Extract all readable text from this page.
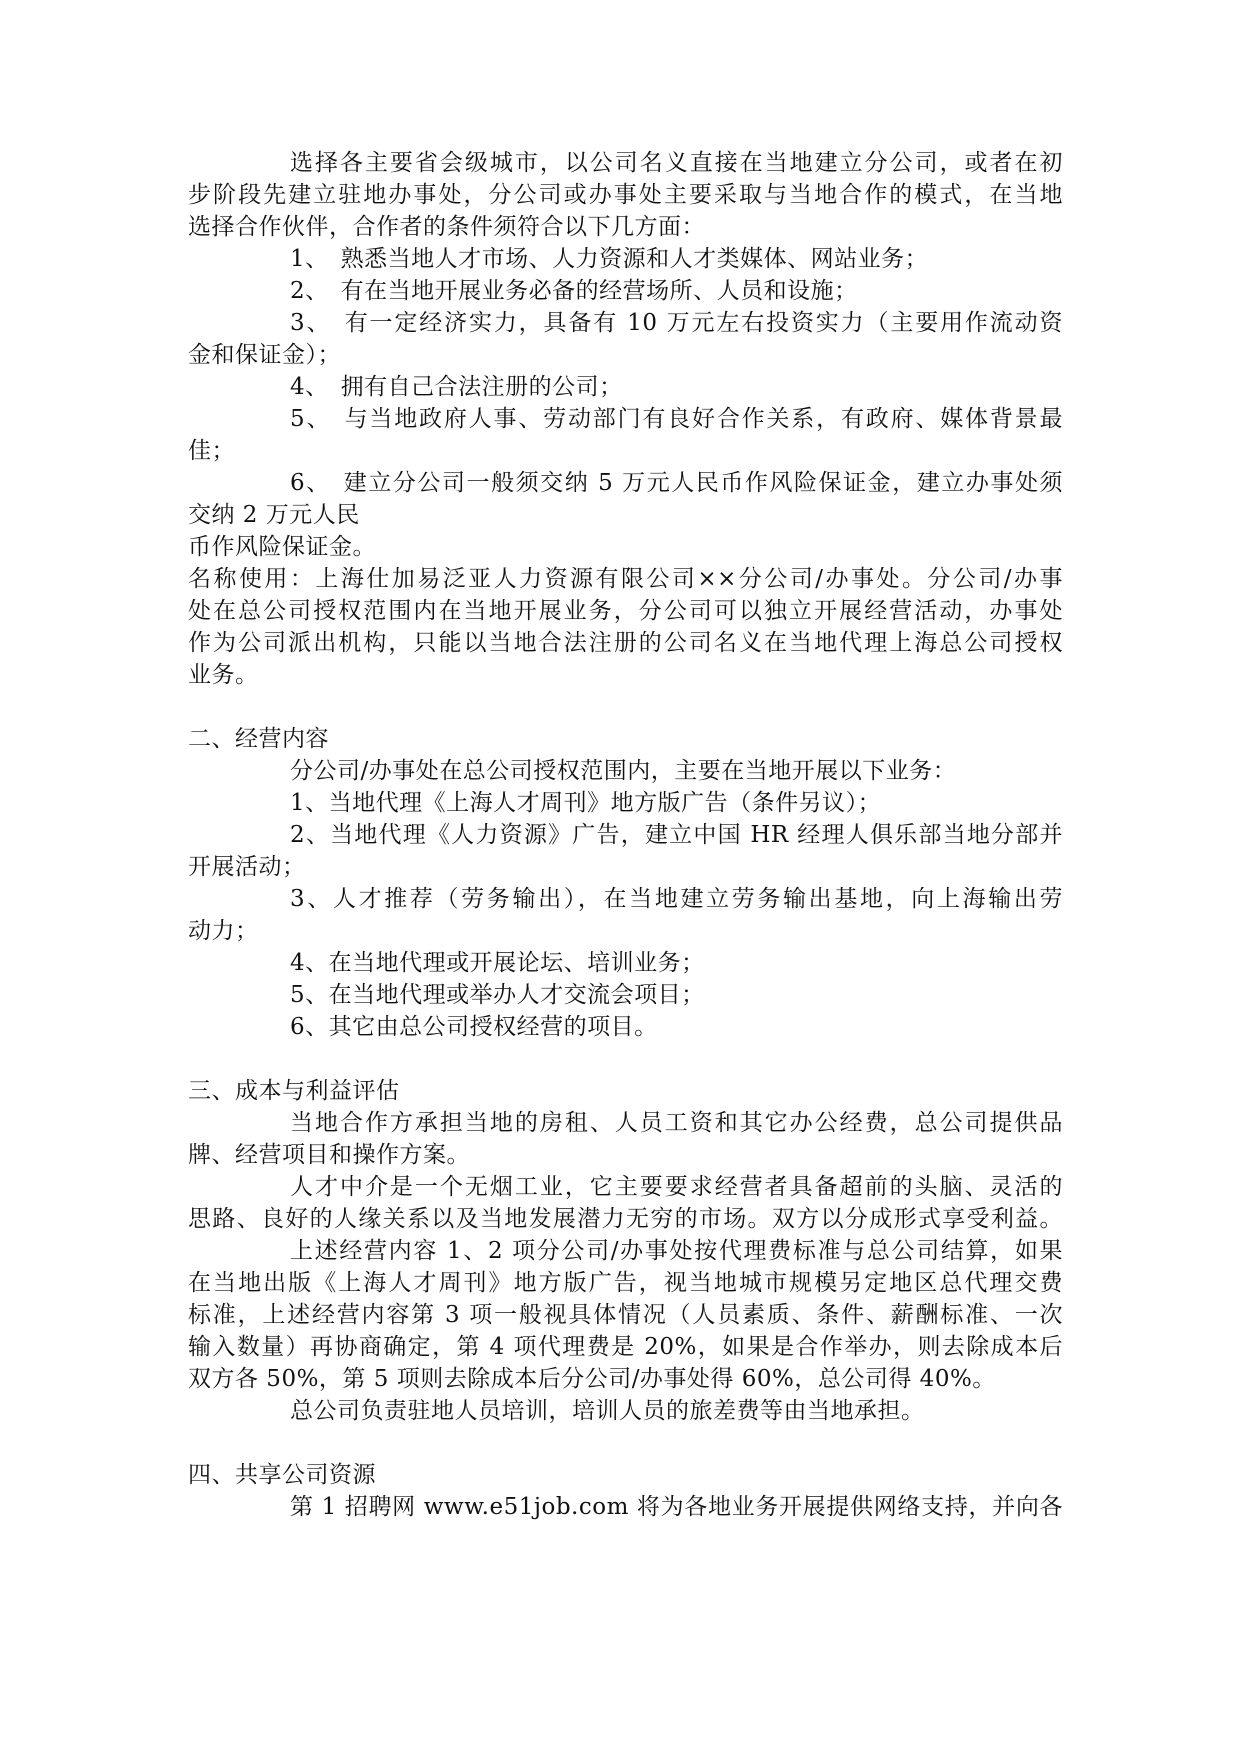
选择各主要省会级城市，以公司名义直接在当地建立分公司，或者在初
步阶段先建立驻地办事处，分公司或办事处主要采取与当地合作的模式，在当地
选择合作伙伴，合作者的条件须符合以下几方面：
1、　熟悉当地人才市场、人力资源和人才类媒体、网站业务；
2、　有在当地开展业务必备的经营场所、人员和设施；
3、　有一定经济实力，具备有 10 万元左右投资实力（主要用作流动资
金和保证金）；
4、　拥有自己合法注册的公司；
5、　与当地政府人事、劳动部门有良好合作关系，有政府、媒体背景最
佳；
6、　建立分公司一般须交纳 5 万元人民币作风险保证金，建立办事处须
交纳 2 万元人民
币作风险保证金。
名称使用：上海仕加易泛亚人力资源有限公司××分公司/办事处。分公司/办事
处在总公司授权范围内在当地开展业务，分公司可以独立开展经营活动，办事处
作为公司派出机构，只能以当地合法注册的公司名义在当地代理上海总公司授权
业务。
二、经营内容
分公司/办事处在总公司授权范围内，主要在当地开展以下业务：
1、当地代理《上海人才周刊》地方版广告（条件另议）；
2、当地代理《人力资源》广告，建立中国 HR 经理人俱乐部当地分部并
开展活动；
3、人才推荐（劳务输出），在当地建立劳务输出基地，向上海输出劳
动力；
4、在当地代理或开展论坛、培训业务；
5、在当地代理或举办人才交流会项目；
6、其它由总公司授权经营的项目。
三、成本与利益评估
当地合作方承担当地的房租、人员工资和其它办公经费，总公司提供品
牌、经营项目和操作方案。
人才中介是一个无烟工业，它主要要求经营者具备超前的头脑、灵活的
思路、良好的人缘关系以及当地发展潜力无穷的市场。双方以分成形式享受利益。
上述经营内容 1、2 项分公司/办事处按代理费标准与总公司结算，如果
在当地出版《上海人才周刊》地方版广告，视当地城市规模另定地区总代理交费
标准，上述经营内容第 3 项一般视具体情况（人员素质、条件、薪酬标准、一次
输入数量）再协商确定，第 4 项代理费是 20%，如果是合作举办，则去除成本后
双方各 50%，第 5 项则去除成本后分公司/办事处得 60%，总公司得 40%。
总公司负责驻地人员培训，培训人员的旅差费等由当地承担。
四、共享公司资源
第 1 招聘网 www.e51job.com 将为各地业务开展提供网络支持，并向各
